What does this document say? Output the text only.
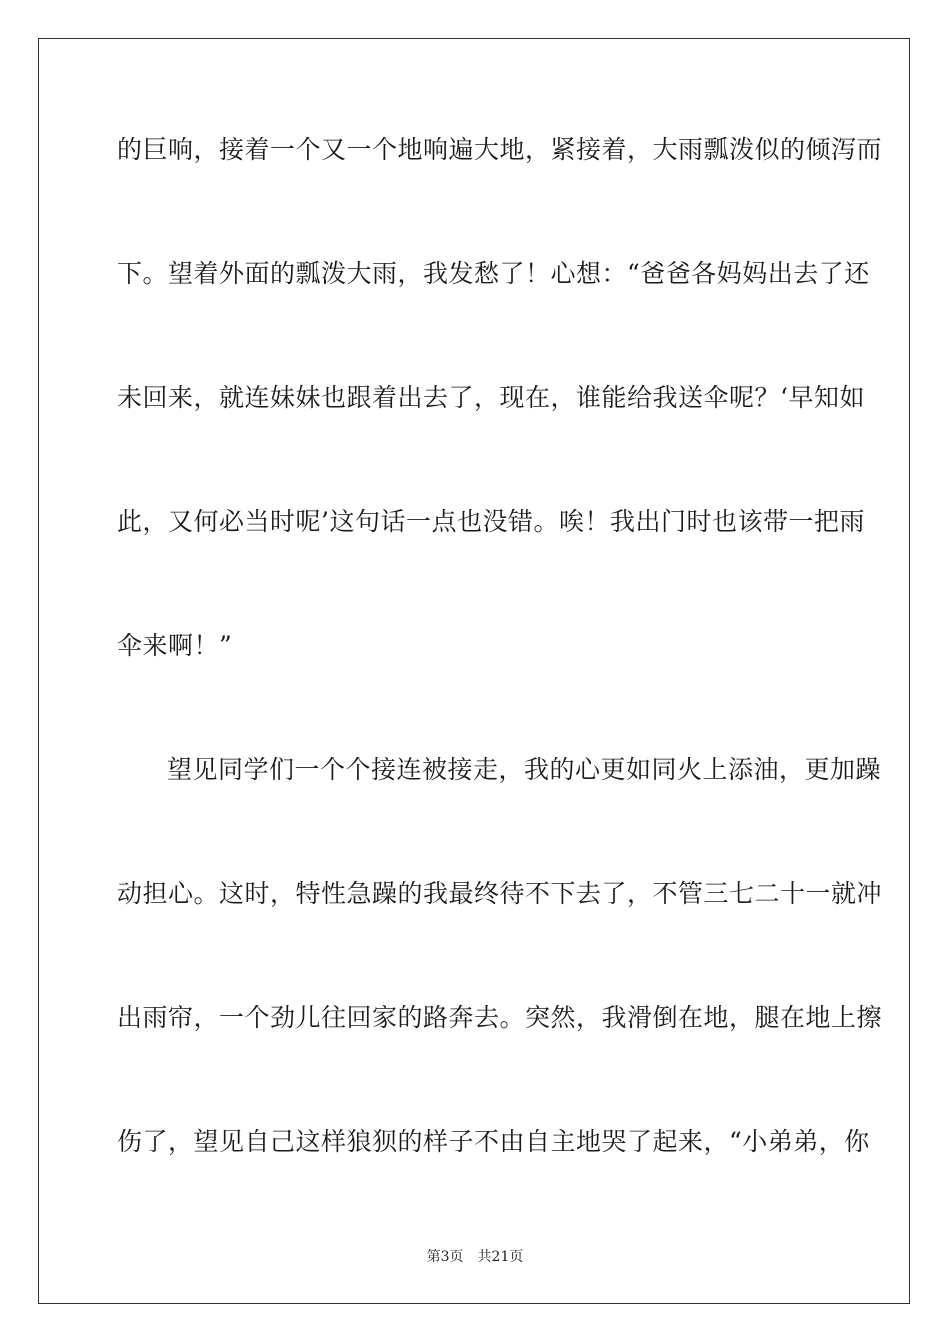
的巨响，接着一个又一个地响遍大地，紧接着，大雨瓢泼似的倾泻而
下。望着外面的瓢泼大雨，我发愁了！心想：“爸爸各妈妈出去了还
未回来，就连妹妹也跟着出去了，现在，谁能给我送伞呢？‘早知如
此，又何必当时呢’这句话一点也没错。唉！我出门时也该带一把雨
伞来啊！”
望见同学们一个个接连被接走，我的心更如同火上添油，更加躁
动担心。这时，特性急躁的我最终待不下去了，不管三七二十一就冲
出雨帘，一个劲儿往回家的路奔去。突然，我滑倒在地，腿在地上擦
伤了，望见自己这样狼狈的样子不由自主地哭了起来，“小弟弟，你
第3页 共21页
